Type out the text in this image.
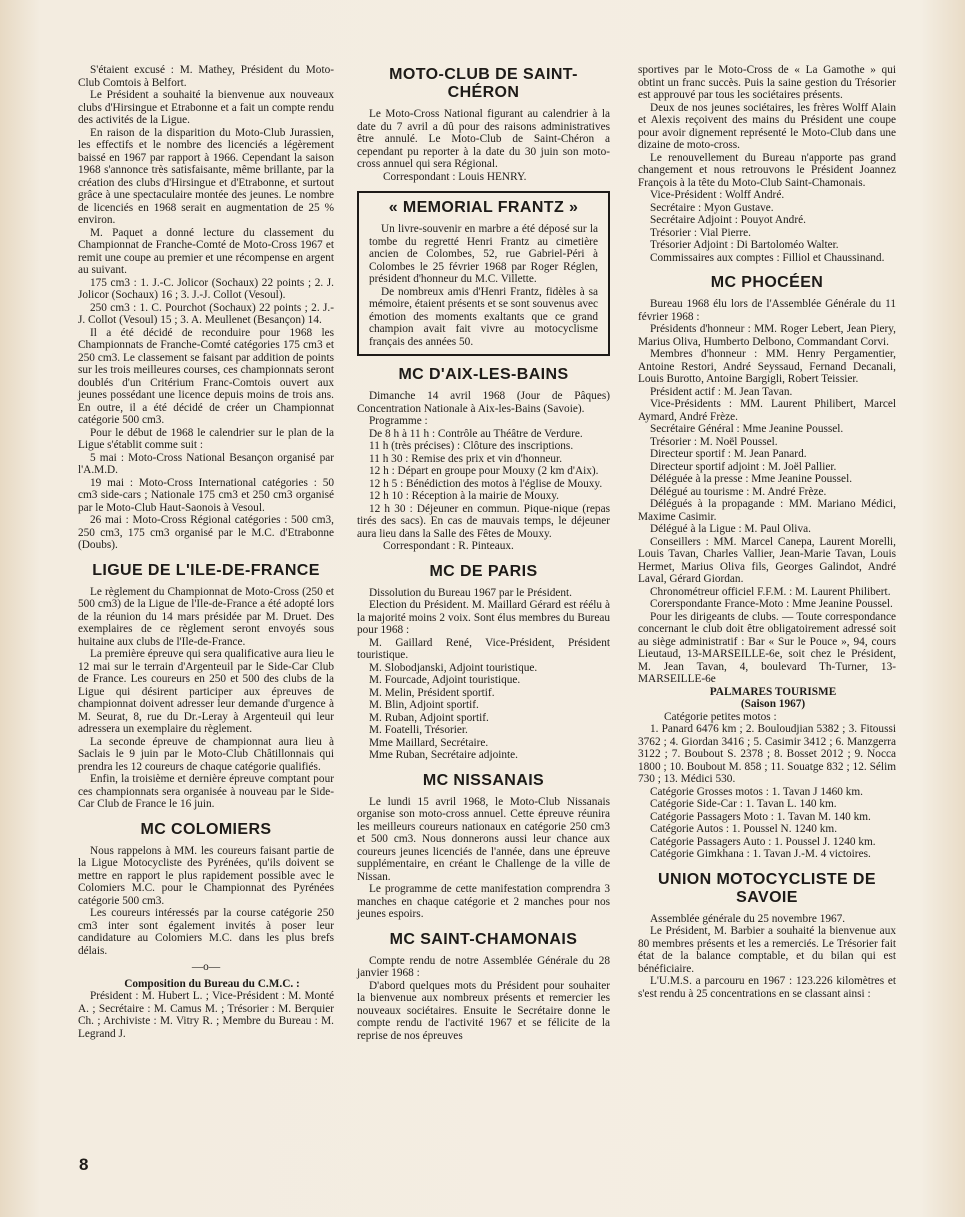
S'étaient excusé : M. Mathey, Président du Moto-Club Comtois à Belfort.

Le Président a souhaité la bienvenue aux nouveaux clubs d'Hirsingue et Etrabonne et a fait un compte rendu des activités de la Ligue.

En raison de la disparition du Moto-Club Jurassien, les effectifs et le nombre des licenciés a légèrement baissé en 1967 par rapport à 1966. Cependant la saison 1968 s'annonce très satisfaisante, même brillante, par la création des clubs d'Hirsingue et d'Etrabonne, et surtout grâce à une spectaculaire montée des jeunes. Le nombre de licenciés en 1968 serait en augmentation de 25 % environ.

M. Paquet a donné lecture du classement du Championnat de Franche-Comté de Moto-Cross 1967 et remit une coupe au premier et une récompense en argent au suivant.

175 cm3 : 1. J.-C. Jolicor (Sochaux) 22 points ; 2. J. Jolicor (Sochaux) 16 ; 3. J.-J. Collot (Vesoul).

250 cm3 : 1. C. Pourchot (Sochaux) 22 points ; 2. J.-J. Collot (Vesoul) 15 ; 3. A. Meullenet (Besançon) 14.

Il a été décidé de reconduire pour 1968 les Championnats de Franche-Comté catégories 175 cm3 et 250 cm3. Le classement se faisant par addition de points sur les trois meilleures courses, ces championnats seront doublés d'un Critérium Franc-Comtois ouvert aux jeunes possédant une licence depuis moins de trois ans. En outre, il a été décidé de créer un Championnat catégorie 500 cm3.

Pour le début de 1968 le calendrier sur le plan de la Ligue s'établit comme suit :

5 mai : Moto-Cross National Besançon organisé par l'A.M.D.

19 mai : Moto-Cross International catégories : 50 cm3 side-cars ; Nationale 175 cm3 et 250 cm3 organisé par le Moto-Club Haut-Saonois à Vesoul.

26 mai : Moto-Cross Régional catégories : 500 cm3, 250 cm3, 175 cm3 organisé par le M.C. d'Etrabonne (Doubs).

LIGUE DE L'ILE-DE-FRANCE

Le règlement du Championnat de Moto-Cross (250 et 500 cm3) de la Ligue de l'Ile-de-France a été adopté lors de la réunion du 14 mars présidée par M. Druet. Des exemplaires de ce règlement seront envoyés sous huitaine aux clubs de l'Ile-de-France.

La première épreuve qui sera qualificative aura lieu le 12 mai sur le terrain d'Argenteuil par le Side-Car Club de France. Les coureurs en 250 et 500 des clubs de la Ligue qui désirent participer aux épreuves de championnat doivent adresser leur demande d'urgence à M. Seurat, 8, rue du Dr.-Leray à Argenteuil qui leur adressera un exemplaire du règlement.

La seconde épreuve de championnat aura lieu à Saclais le 9 juin par le Moto-Club Châtillonnais qui prendra les 12 coureurs de chaque catégorie qualifiés.

Enfin, la troisième et dernière épreuve comptant pour ces championnats sera organisée à nouveau par le Side-Car Club de France le 16 juin.

MC COLOMIERS

Nous rappelons à MM. les coureurs faisant partie de la Ligue Motocycliste des Pyrénées, qu'ils doivent se mettre en rapport le plus rapidement possible avec le Colomiers M.C. pour le Championnat des Pyrénées catégorie 500 cm3.

Les coureurs intéressés par la course catégorie 250 cm3 inter sont également invités à poser leur candidature au Colomiers M.C. dans les plus brefs délais.

—o—

Composition du Bureau du C.M.C. :

Président : M. Hubert L. ; Vice-Président : M. Monté A. ; Secrétaire : M. Camus M. ; Trésorier : M. Berquier Ch. ; Archiviste : M. Vitry R. ; Membre du Bureau : M. Legrand J.

MOTO-CLUB DE SAINT-CHÉRON

Le Moto-Cross National figurant au calendrier à la date du 7 avril a dû pour des raisons administratives être annulé. Le Moto-Club de Saint-Chéron a cependant pu reporter à la date du 30 juin son moto-cross annuel qui sera Régional.

Correspondant : Louis HENRY.

« MEMORIAL FRANTZ »

Un livre-souvenir en marbre a été déposé sur la tombe du regretté Henri Frantz au cimetière ancien de Colombes, 52, rue Gabriel-Péri à Colombes le 25 février 1968 par Roger Réglen, président d'honneur du M.C. Villette.

De nombreux amis d'Henri Frantz, fidèles à sa mémoire, étaient présents et se sont souvenus avec émotion des moments exaltants que ce grand champion avait fait vivre au motocyclisme français des années 50.

MC D'AIX-LES-BAINS

Dimanche 14 avril 1968 (Jour de Pâques) Concentration Nationale à Aix-les-Bains (Savoie).

Programme :

De 8 h à 11 h : Contrôle au Théâtre de Verdure.

11 h (très précises) : Clôture des inscriptions.

11 h 30 : Remise des prix et vin d'honneur.

12 h : Départ en groupe pour Mouxy (2 km d'Aix).

12 h 5 : Bénédiction des motos à l'église de Mouxy.

12 h 10 : Réception à la mairie de Mouxy.

12 h 30 : Déjeuner en commun. Pique-nique (repas tirés des sacs). En cas de mauvais temps, le déjeuner aura lieu dans la Salle des Fêtes de Mouxy.

Correspondant : R. Pinteaux.

MC DE PARIS

Dissolution du Bureau 1967 par le Président.

Election du Président. M. Maillard Gérard est réélu à la majorité moins 2 voix. Sont élus membres du Bureau pour 1968 :

M. Gaillard René, Vice-Président, Président touristique.

M. Slobodjanski, Adjoint touristique.

M. Fourcade, Adjoint touristique.

M. Melin, Président sportif.

M. Blin, Adjoint sportif.

M. Ruban, Adjoint sportif.

M. Foatelli, Trésorier.

Mme Maillard, Secrétaire.

Mme Ruban, Secrétaire adjointe.

MC NISSANAIS

Le lundi 15 avril 1968, le Moto-Club Nissanais organise son moto-cross annuel. Cette épreuve réunira les meilleurs coureurs nationaux en catégorie 250 cm3 et 500 cm3. Nous donnerons aussi leur chance aux coureurs jeunes licenciés de l'année, dans une épreuve supplémentaire, en créant le Challenge de la ville de Nissan.

Le programme de cette manifestation comprendra 3 manches en chaque catégorie et 2 manches pour nos jeunes espoirs.

MC SAINT-CHAMONAIS

Compte rendu de notre Assemblée Générale du 28 janvier 1968 :

D'abord quelques mots du Président pour souhaiter la bienvenue aux nombreux présents et remercier les nouveaux sociétaires. Ensuite le Secrétaire donne le compte rendu de l'activité 1967 et se félicite de la reprise de nos épreuves

sportives par le Moto-Cross de « La Gamothe » qui obtint un franc succès. Puis la saine gestion du Trésorier est approuvé par tous les sociétaires présents.

Deux de nos jeunes sociétaires, les frères Wolff Alain et Alexis reçoivent des mains du Président une coupe pour avoir dignement représenté le Moto-Club dans une dizaine de moto-cross.

Le renouvellement du Bureau n'apporte pas grand changement et nous retrouvons le Président Joannez François à la tête du Moto-Club Saint-Chamonais.

Vice-Président : Wolff André.

Secrétaire : Myon Gustave.

Secrétaire Adjoint : Pouyot André.

Trésorier : Vial Pierre.

Trésorier Adjoint : Di Bartoloméo Walter.

Commissaires aux comptes : Filliol et Chaussinand.

MC PHOCÉEN

Bureau 1968 élu lors de l'Assemblée Générale du 11 février 1968 :

Présidents d'honneur : MM. Roger Lebert, Jean Piery, Marius Oliva, Humberto Delbono, Commandant Corvi.

Membres d'honneur : MM. Henry Pergamentier, Antoine Restori, André Seyssaud, Fernand Decanali, Louis Burotto, Antoine Bargigli, Robert Teissier.

Président actif : M. Jean Tavan.

Vice-Présidents : MM. Laurent Philibert, Marcel Aymard, André Frèze.

Secrétaire Général : Mme Jeanine Poussel.

Trésorier : M. Noël Poussel.

Directeur sportif : M. Jean Panard.

Directeur sportif adjoint : M. Joël Pallier.

Déléguée à la presse : Mme Jeanine Poussel.

Délégué au tourisme : M. André Frèze.

Délégués à la propagande : MM. Mariano Médici, Maxime Casimir.

Délégué à la Ligue : M. Paul Oliva.

Conseillers : MM. Marcel Canepa, Laurent Morelli, Louis Tavan, Charles Vallier, Jean-Marie Tavan, Louis Hermet, Marius Oliva fils, Georges Galindot, André Laval, Gérard Giordan.

Chronométreur officiel F.F.M. : M. Laurent Philibert.

Corerspondante France-Moto : Mme Jeanine Poussel.

Pour les dirigeants de clubs. — Toute correspondance concernant le club doit être obligatoirement adressé soit au siège administratif : Bar « Sur le Pouce », 94, cours Lieutaud, 13-MARSEILLE-6e, soit chez le Président, M. Jean Tavan, 4, boulevard Th-Turner, 13-MARSEILLE-6e

PALMARES TOURISME

(Saison 1967)

Catégorie petites motos :

1. Panard 6476 km ; 2. Bouloudjian 5382 ; 3. Fitoussi 3762 ; 4. Giordan 3416 ; 5. Casimir 3412 ; 6. Manzgerra 3122 ; 7. Boubout S. 2378 ; 8. Bosset 2012 ; 9. Nocca 1800 ; 10. Boubout M. 858 ; 11. Souatge 832 ; 12. Sélim 730 ; 13. Médici 530.

Catégorie Grosses motos : 1. Tavan J 1460 km.

Catégorie Side-Car : 1. Tavan L. 140 km.

Catégorie Passagers Moto : 1. Tavan M. 140 km.

Catégorie Autos : 1. Poussel N. 1240 km.

Catégorie Passagers Auto : 1. Poussel J. 1240 km.

Catégorie Gimkhana : 1. Tavan J.-M. 4 victoires.

UNION MOTOCYCLISTE DE SAVOIE

Assemblée générale du 25 novembre 1967.

Le Président, M. Barbier a souhaité la bienvenue aux 80 membres présents et les a remerciés. Le Trésorier fait état de la balance comptable, et du bilan qui est bénéficiaire.

L'U.M.S. a parcouru en 1967 : 123.226 kilomètres et s'est rendu à 25 concentrations en se classant ainsi :

8
